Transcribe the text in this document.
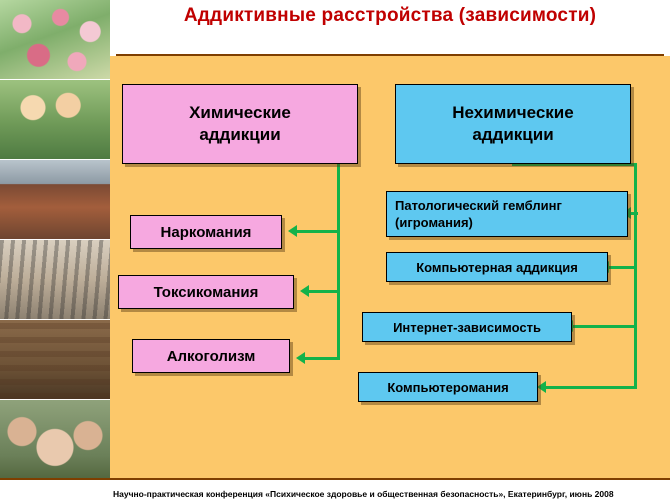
Аддиктивные расстройства (зависимости)
Химические
аддикции
Нехимические
аддикции
Наркомания
Токсикомания
Алкоголизм
Патологический гемблинг
(игромания)
Компьютерная аддикция
Интернет-зависимость
Компьютеромания
Научно-практическая конференция «Психическое здоровье и общественная безопасность», Екатеринбург, июнь 2008
